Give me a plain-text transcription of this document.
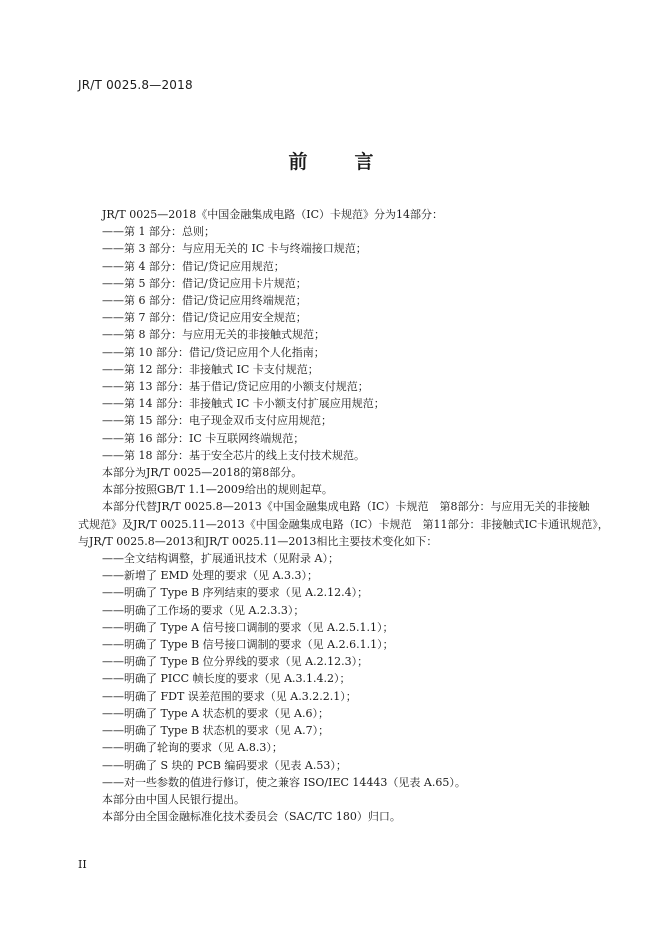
JR/T 0025.8—2018
前　言
JR/T 0025—2018《中国金融集成电路（IC）卡规范》分为14部分：
——第 1 部分：总则；
——第 3 部分：与应用无关的 IC 卡与终端接口规范；
——第 4 部分：借记/贷记应用规范；
——第 5 部分：借记/贷记应用卡片规范；
——第 6 部分：借记/贷记应用终端规范；
——第 7 部分：借记/贷记应用安全规范；
——第 8 部分：与应用无关的非接触式规范；
——第 10 部分：借记/贷记应用个人化指南；
——第 12 部分：非接触式 IC 卡支付规范；
——第 13 部分：基于借记/贷记应用的小额支付规范；
——第 14 部分：非接触式 IC 卡小额支付扩展应用规范；
——第 15 部分：电子现金双币支付应用规范；
——第 16 部分：IC 卡互联网终端规范；
——第 18 部分：基于安全芯片的线上支付技术规范。
本部分为JR/T 0025—2018的第8部分。
本部分按照GB/T 1.1—2009给出的规则起草。
本部分代替JR/T 0025.8—2013《中国金融集成电路（IC）卡规范　第8部分：与应用无关的非接触
式规范》及JR/T 0025.11—2013《中国金融集成电路（IC）卡规范　第11部分：非接触式IC卡通讯规范》，
与JR/T 0025.8—2013和JR/T 0025.11—2013相比主要技术变化如下：
——全文结构调整，扩展通讯技术（见附录 A）；
——新增了 EMD 处理的要求（见 A.3.3）；
——明确了 Type B 序列结束的要求（见 A.2.12.4）；
——明确了工作场的要求（见 A.2.3.3）；
——明确了 Type A 信号接口调制的要求（见 A.2.5.1.1）；
——明确了 Type B 信号接口调制的要求（见 A.2.6.1.1）；
——明确了 Type B 位分界线的要求（见 A.2.12.3）；
——明确了 PICC 帧长度的要求（见 A.3.1.4.2）；
——明确了 FDT 误差范围的要求（见 A.3.2.2.1）；
——明确了 Type A 状态机的要求（见 A.6）；
——明确了 Type B 状态机的要求（见 A.7）；
——明确了轮询的要求（见 A.8.3）；
——明确了 S 块的 PCB 编码要求（见表 A.53）；
——对一些参数的值进行修订，使之兼容 ISO/IEC 14443（见表 A.65）。
本部分由中国人民银行提出。
本部分由全国金融标准化技术委员会（SAC/TC 180）归口。
II
